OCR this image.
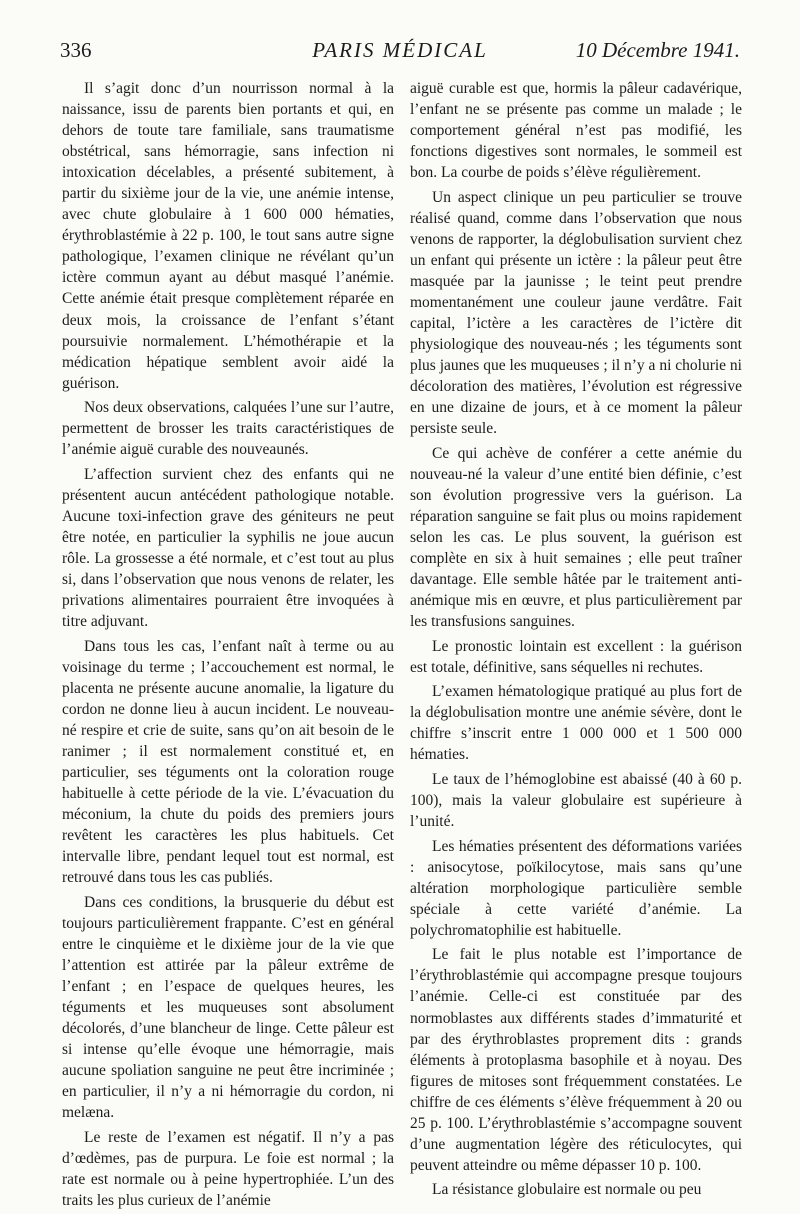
336	PARIS MÉDICAL	10 Décembre 1941.

Il s’agit donc d’un nourrisson normal à la naissance, issu de parents bien portants et qui, en dehors de toute tare familiale, sans traumatisme obstétrical, sans hémorragie, sans infection ni intoxication décelables, a présenté subitement, à partir du sixième jour de la vie, une anémie intense, avec chute globulaire à 1 600 000 hématies, érythroblastémie à 22 p. 100, le tout sans autre signe pathologique, l’examen clinique ne révélant qu’un ictère commun ayant au début masqué l’anémie. Cette anémie était presque complètement réparée en deux mois, la croissance de l’enfant s’étant poursuivie normalement. L’hémothérapie et la médication hépatique semblent avoir aidé la guérison.

Nos deux observations, calquées l’une sur l’autre, permettent de brosser les traits caractéristiques de l’anémie aiguë curable des nouveaunés.

L’affection survient chez des enfants qui ne présentent aucun antécédent pathologique notable. Aucune toxi-infection grave des géniteurs ne peut être notée, en particulier la syphilis ne joue aucun rôle. La grossesse a été normale, et c’est tout au plus si, dans l’observation que nous venons de relater, les privations alimentaires pourraient être invoquées à titre adjuvant.

Dans tous les cas, l’enfant naît à terme ou au voisinage du terme ; l’accouchement est normal, le placenta ne présente aucune anomalie, la ligature du cordon ne donne lieu à aucun incident. Le nouveau-né respire et crie de suite, sans qu’on ait besoin de le ranimer ; il est normalement constitué et, en particulier, ses téguments ont la coloration rouge habituelle à cette période de la vie. L’évacuation du méconium, la chute du poids des premiers jours revêtent les caractères les plus habituels. Cet intervalle libre, pendant lequel tout est normal, est retrouvé dans tous les cas publiés.

Dans ces conditions, la brusquerie du début est toujours particulièrement frappante. C’est en général entre le cinquième et le dixième jour de la vie que l’attention est attirée par la pâleur extrême de l’enfant ; en l’espace de quelques heures, les téguments et les muqueuses sont absolument décolorés, d’une blancheur de linge. Cette pâleur est si intense qu’elle évoque une hémorragie, mais aucune spoliation sanguine ne peut être incriminée ; en particulier, il n’y a ni hémorragie du cordon, ni melæna.

Le reste de l’examen est négatif. Il n’y a pas d’œdèmes, pas de purpura. Le foie est normal ; la rate est normale ou à peine hypertrophiée. L’un des traits les plus curieux de l’anémie

aiguë curable est que, hormis la pâleur cadavérique, l’enfant ne se présente pas comme un malade ; le comportement général n’est pas modifié, les fonctions digestives sont normales, le sommeil est bon. La courbe de poids s’élève régulièrement.

Un aspect clinique un peu particulier se trouve réalisé quand, comme dans l’observation que nous venons de rapporter, la déglobulisation survient chez un enfant qui présente un ictère : la pâleur peut être masquée par la jaunisse ; le teint peut prendre momentanément une couleur jaune verdâtre. Fait capital, l’ictère a les caractères de l’ictère dit physiologique des nouveau-nés ; les téguments sont plus jaunes que les muqueuses ; il n’y a ni cholurie ni décoloration des matières, l’évolution est régressive en une dizaine de jours, et à ce moment la pâleur persiste seule.

Ce qui achève de conférer a cette anémie du nouveau-né la valeur d’une entité bien définie, c’est son évolution progressive vers la guérison. La réparation sanguine se fait plus ou moins rapidement selon les cas. Le plus souvent, la guérison est complète en six à huit semaines ; elle peut traîner davantage. Elle semble hâtée par le traitement anti-anémique mis en œuvre, et plus particulièrement par les transfusions sanguines.

Le pronostic lointain est excellent : la guérison est totale, définitive, sans séquelles ni rechutes.

L’examen hématologique pratiqué au plus fort de la déglobulisation montre une anémie sévère, dont le chiffre s’inscrit entre 1 000 000 et 1 500 000 hématies.

Le taux de l’hémoglobine est abaissé (40 à 60 p. 100), mais la valeur globulaire est supérieure à l’unité.

Les hématies présentent des déformations variées : anisocytose, poïkilocytose, mais sans qu’une altération morphologique particulière semble spéciale à cette variété d’anémie. La polychromatophilie est habituelle.

Le fait le plus notable est l’importance de l’érythroblastémie qui accompagne presque toujours l’anémie. Celle-ci est constituée par des normoblastes aux différents stades d’immaturité et par des érythroblastes proprement dits : grands éléments à protoplasma basophile et à noyau. Des figures de mitoses sont fréquemment constatées. Le chiffre de ces éléments s’élève fréquemment à 20 ou 25 p. 100. L’érythroblastémie s’accompagne souvent d’une augmentation légère des réticulocytes, qui peuvent atteindre ou même dépasser 10 p. 100.

La résistance globulaire est normale ou peu
